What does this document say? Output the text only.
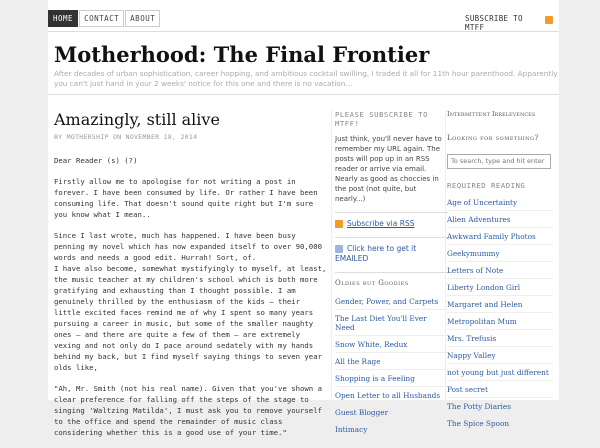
HOME	CONTACT	ABOUT	SUBSCRIBE TO
MTFF
Motherhood: The Final Frontier
After decades of urban sophistication, career hopping, and ambitious cocktail swilling, I traded it all for 11th hour parenthood. Apparently you can't just hand in your 2 weeks' notice for this one and there is no vacation...
Amazingly, still alive
BY MOTHERSHIP ON NOVEMBER 18, 2014

Dear Reader (s) (?)

Firstly allow me to apologise for not writing a post in forever. I have been consumed by life. Or rather I have been consuming life. That doesn't sound quite right but I'm sure you know what I mean..

Since I last wrote, much has happened. I have been busy penning my novel which has now expanded itself to over 90,000 words and needs a good edit. Hurrah! Sort, of.

I have also become, somewhat mystifyingly to myself, at least, the music teacher at my children's school which is both more gratifying and exhausting than I thought possible. I am genuinely thrilled by the enthusiasm of the kids – their little excited faces remind me of why I spent so many years pursuing a career in music, but some of the smaller naughty ones – and there are quite a few of them – are extremely vexing and not only do I pace around sedately with my hands behind my back, but I find myself saying things to seven year olds like,

"Ah, Mr. Smith (not his real name). Given that you've shown a clear preference for falling off the steps of the stage to singing 'Waltzing Matilda', I must ask you to remove yourself to the office and spend the remainder of music class considering whether this is a good use of your time."

PLEASE SUBSCRIBE TO MTFF!
Just think, you'll never have to remember my URL again. The posts will pop up in an RSS reader or arrive via email. Nearly as good as choccies in the post (not quite, but nearly...)
Subscribe via RSS
Click here to get it EMAILED
Oldies but Goodies
Gender, Power, and Carpets
The Last Diet You'll Ever Need
Snow White, Redux
All the Rage
Shopping is a Feeling
Open Letter to all Husbands
Guest Blogger
Intimacy
Intermittent Irrelevences
Looking for something?
To search, type and hit enter
REQUIRED READING
Age of Uncertainty
Alien Adventures
Awkward Family Photos
Geekymummy
Letters of Note
Liberty London Girl
Margaret and Helen
Metropolitan Mum
Mrs. Trefusis
Nappy Valley
not young but just different
Post secret
The Potty Diaries
The Spice Spoon
